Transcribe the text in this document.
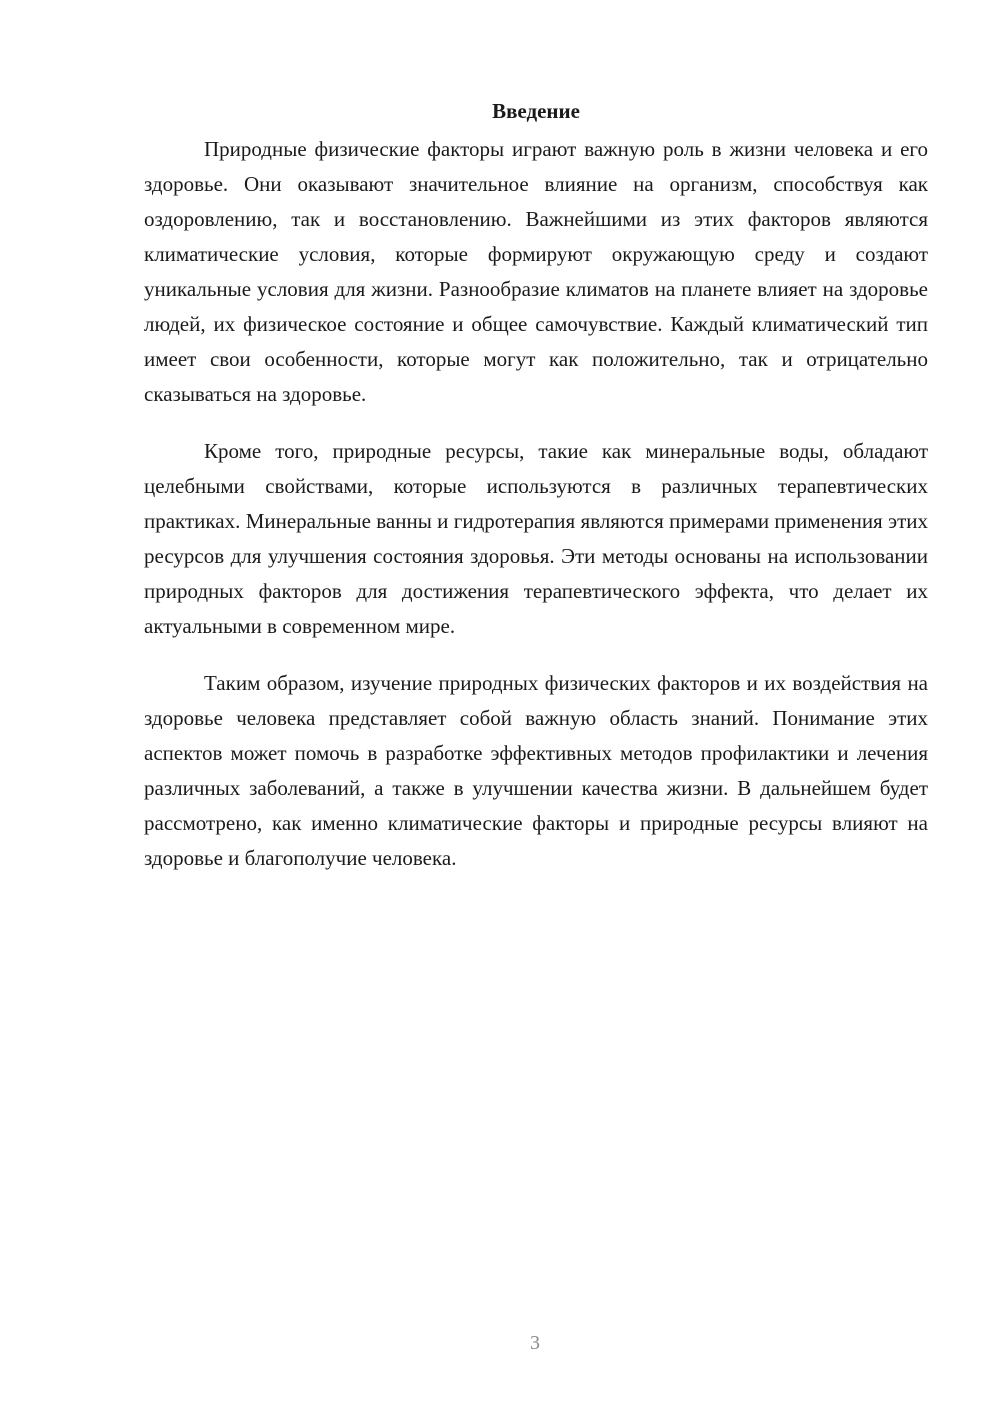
Введение

Природные физические факторы играют важную роль в жизни человека и его здоровье. Они оказывают значительное влияние на организм, способствуя как оздоровлению, так и восстановлению. Важнейшими из этих факторов являются климатические условия, которые формируют окружающую среду и создают уникальные условия для жизни. Разнообразие климатов на планете влияет на здоровье людей, их физическое состояние и общее самочувствие. Каждый климатический тип имеет свои особенности, которые могут как положительно, так и отрицательно сказываться на здоровье.

Кроме того, природные ресурсы, такие как минеральные воды, обладают целебными свойствами, которые используются в различных терапевтических практиках. Минеральные ванны и гидротерапия являются примерами применения этих ресурсов для улучшения состояния здоровья. Эти методы основаны на использовании природных факторов для достижения терапевтического эффекта, что делает их актуальными в современном мире.

Таким образом, изучение природных физических факторов и их воздействия на здоровье человека представляет собой важную область знаний. Понимание этих аспектов может помочь в разработке эффективных методов профилактики и лечения различных заболеваний, а также в улучшении качества жизни. В дальнейшем будет рассмотрено, как именно климатические факторы и природные ресурсы влияют на здоровье и благополучие человека.

3
